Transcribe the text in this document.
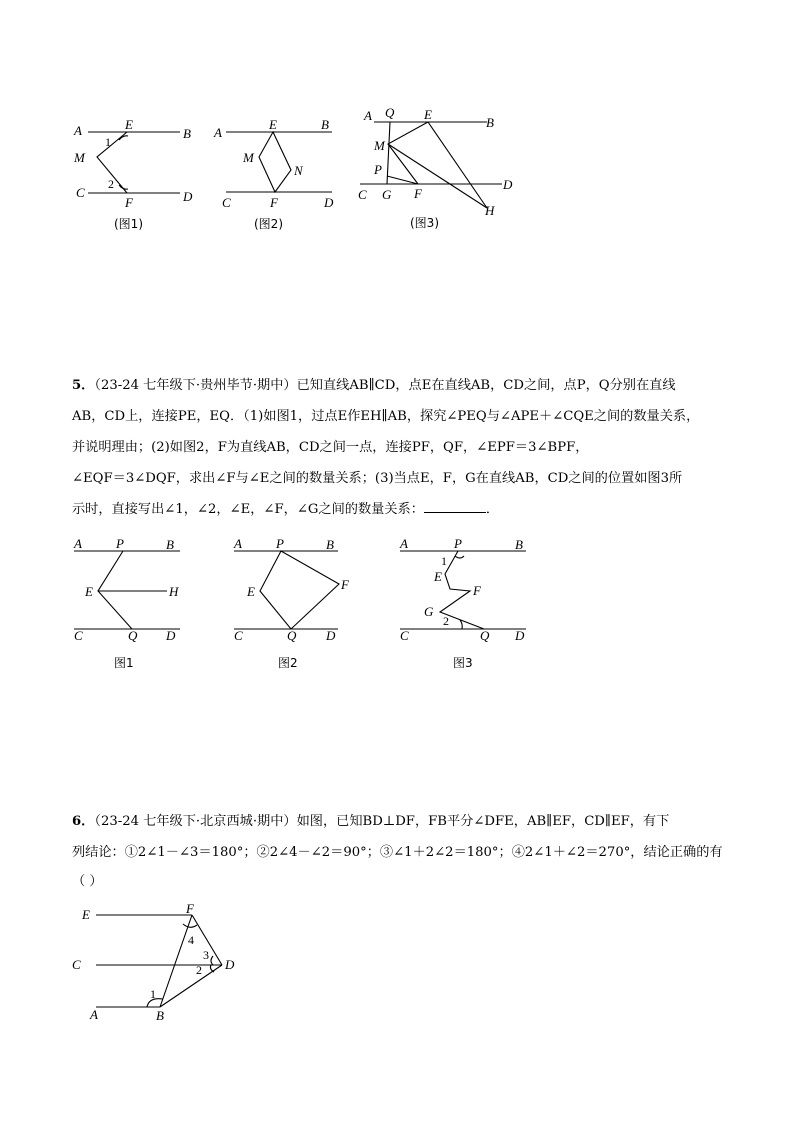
A	E
B
M
C
F	D
1
2
(图1)
A
E	B
M
N
C	F	D
(图2)
A Q E
B
M
P
D
C G F
H
(图3)

5．（23-24 七年级下·贵州毕节·期中）已知直线AB∥CD，点E在直线AB，CD之间，点P，Q分别在直线

AB，CD上，连接PE，EQ．（1)如图1，过点E作EH∥AB，探究∠PEQ与∠APE＋∠CQE之间的数量关系，

并说明理由；(2)如图2，F为直线AB，CD之间一点，连接PF，QF，∠EPF＝3∠BPF，

∠EQF＝3∠DQF，求出∠F与∠E之间的数量关系；(3)当点E，F，G在直线AB，CD之间的位置如图3所

示时，直接写出∠1，∠2，∠E，∠F，∠G之间的数量关系：	．

A	P	B
E	H
C	Q D
图1
A	P	B
E	F
C	Q D
图2
A	P	B
1
E
F
G
2
C	Q D
图3

6．（23-24 七年级下·北京西城·期中）如图，已知BD⊥DF，FB平分∠DFE，AB∥EF，CD∥EF，有下

列结论：①2∠1－∠3＝180°；②2∠4－∠2＝90°；③∠1＋2∠2＝180°；④2∠1＋∠2＝270°，结论正确的有

（ ）

E	F
C	D
A	B
4
3
2
1
